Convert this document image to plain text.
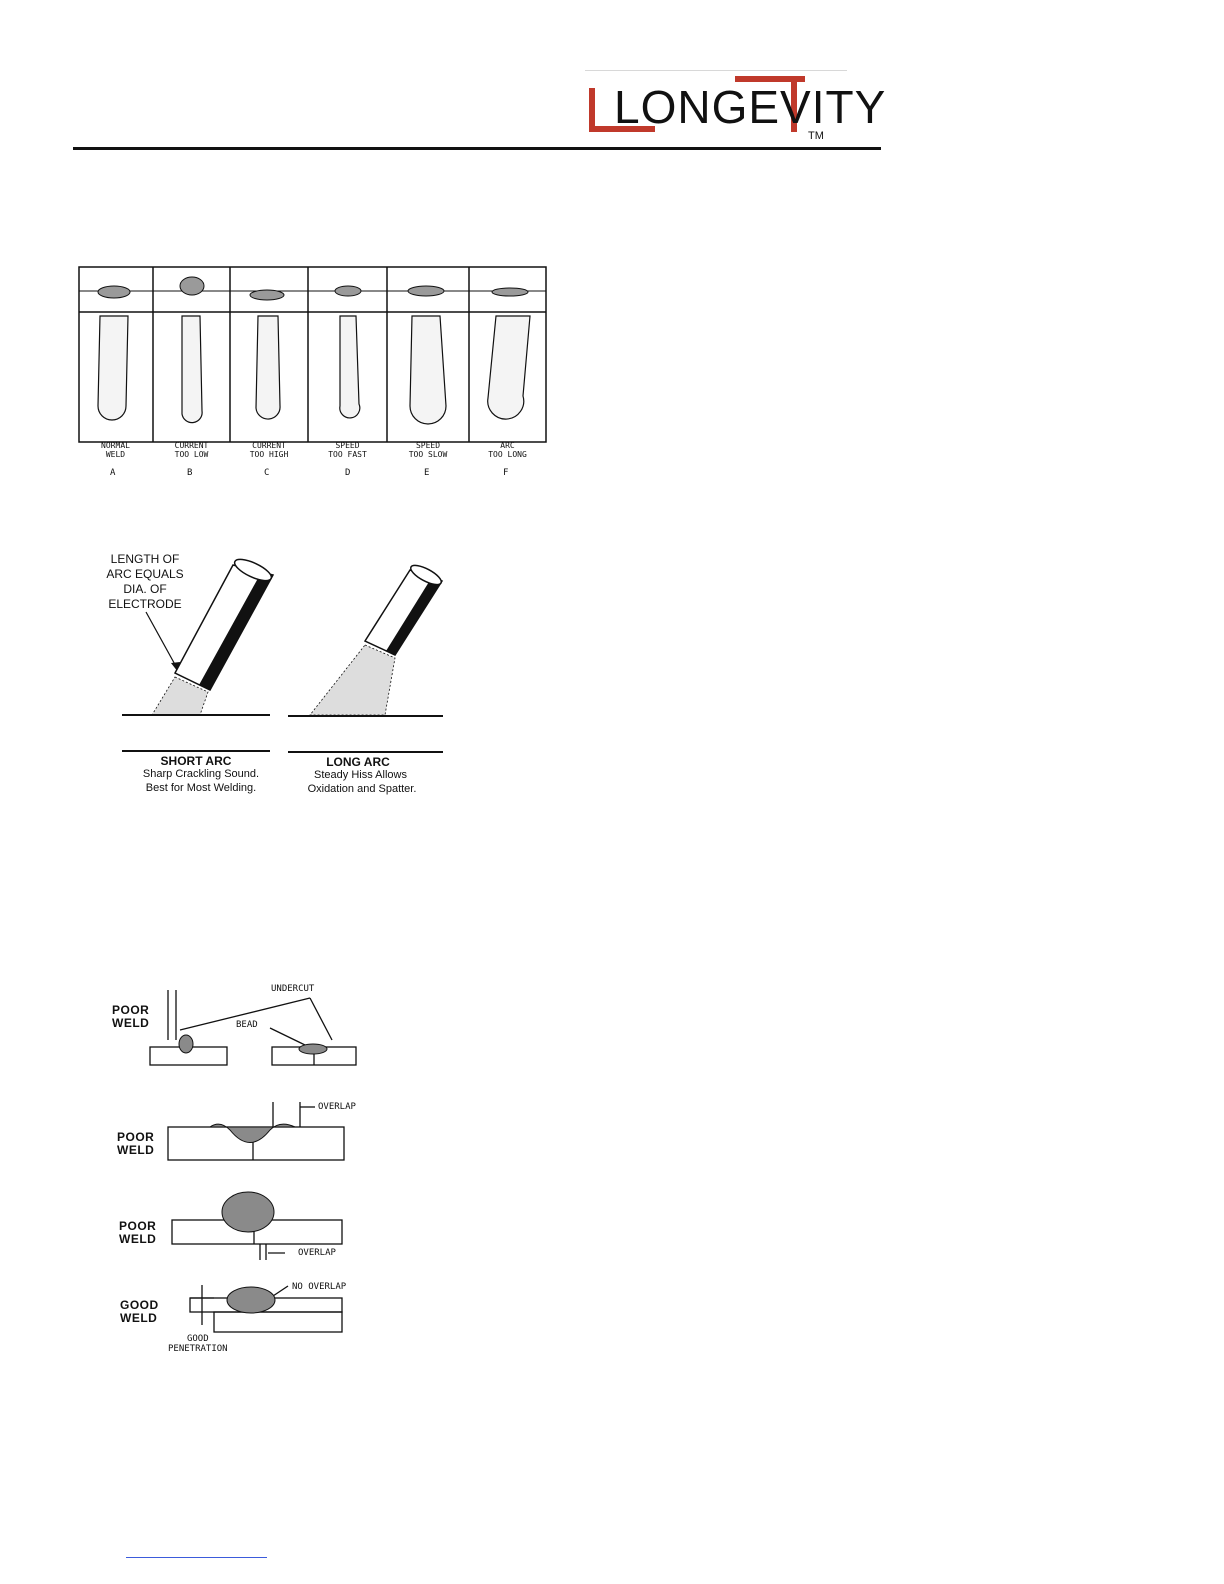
LONGEVITY
TM
NORMAL
WELD
CURRENT
TOO LOW
CURRENT
TOO HIGH
SPEED
TOO FAST
SPEED
TOO SLOW
ARC
TOO LONG
A	B	C	D	E	F
LENGTH OF
ARC EQUALS
DIA. OF
ELECTRODE
SHORT ARC
Sharp Crackling Sound.
Best for Most Welding.
LONG ARC
Steady Hiss Allows
Oxidation and Spatter.
POOR
WELD
POOR
WELD
POOR
WELD
GOOD
WELD
UNDERCUT
BEAD
OVERLAP
OVERLAP
NO OVERLAP
GOOD
PENETRATION
